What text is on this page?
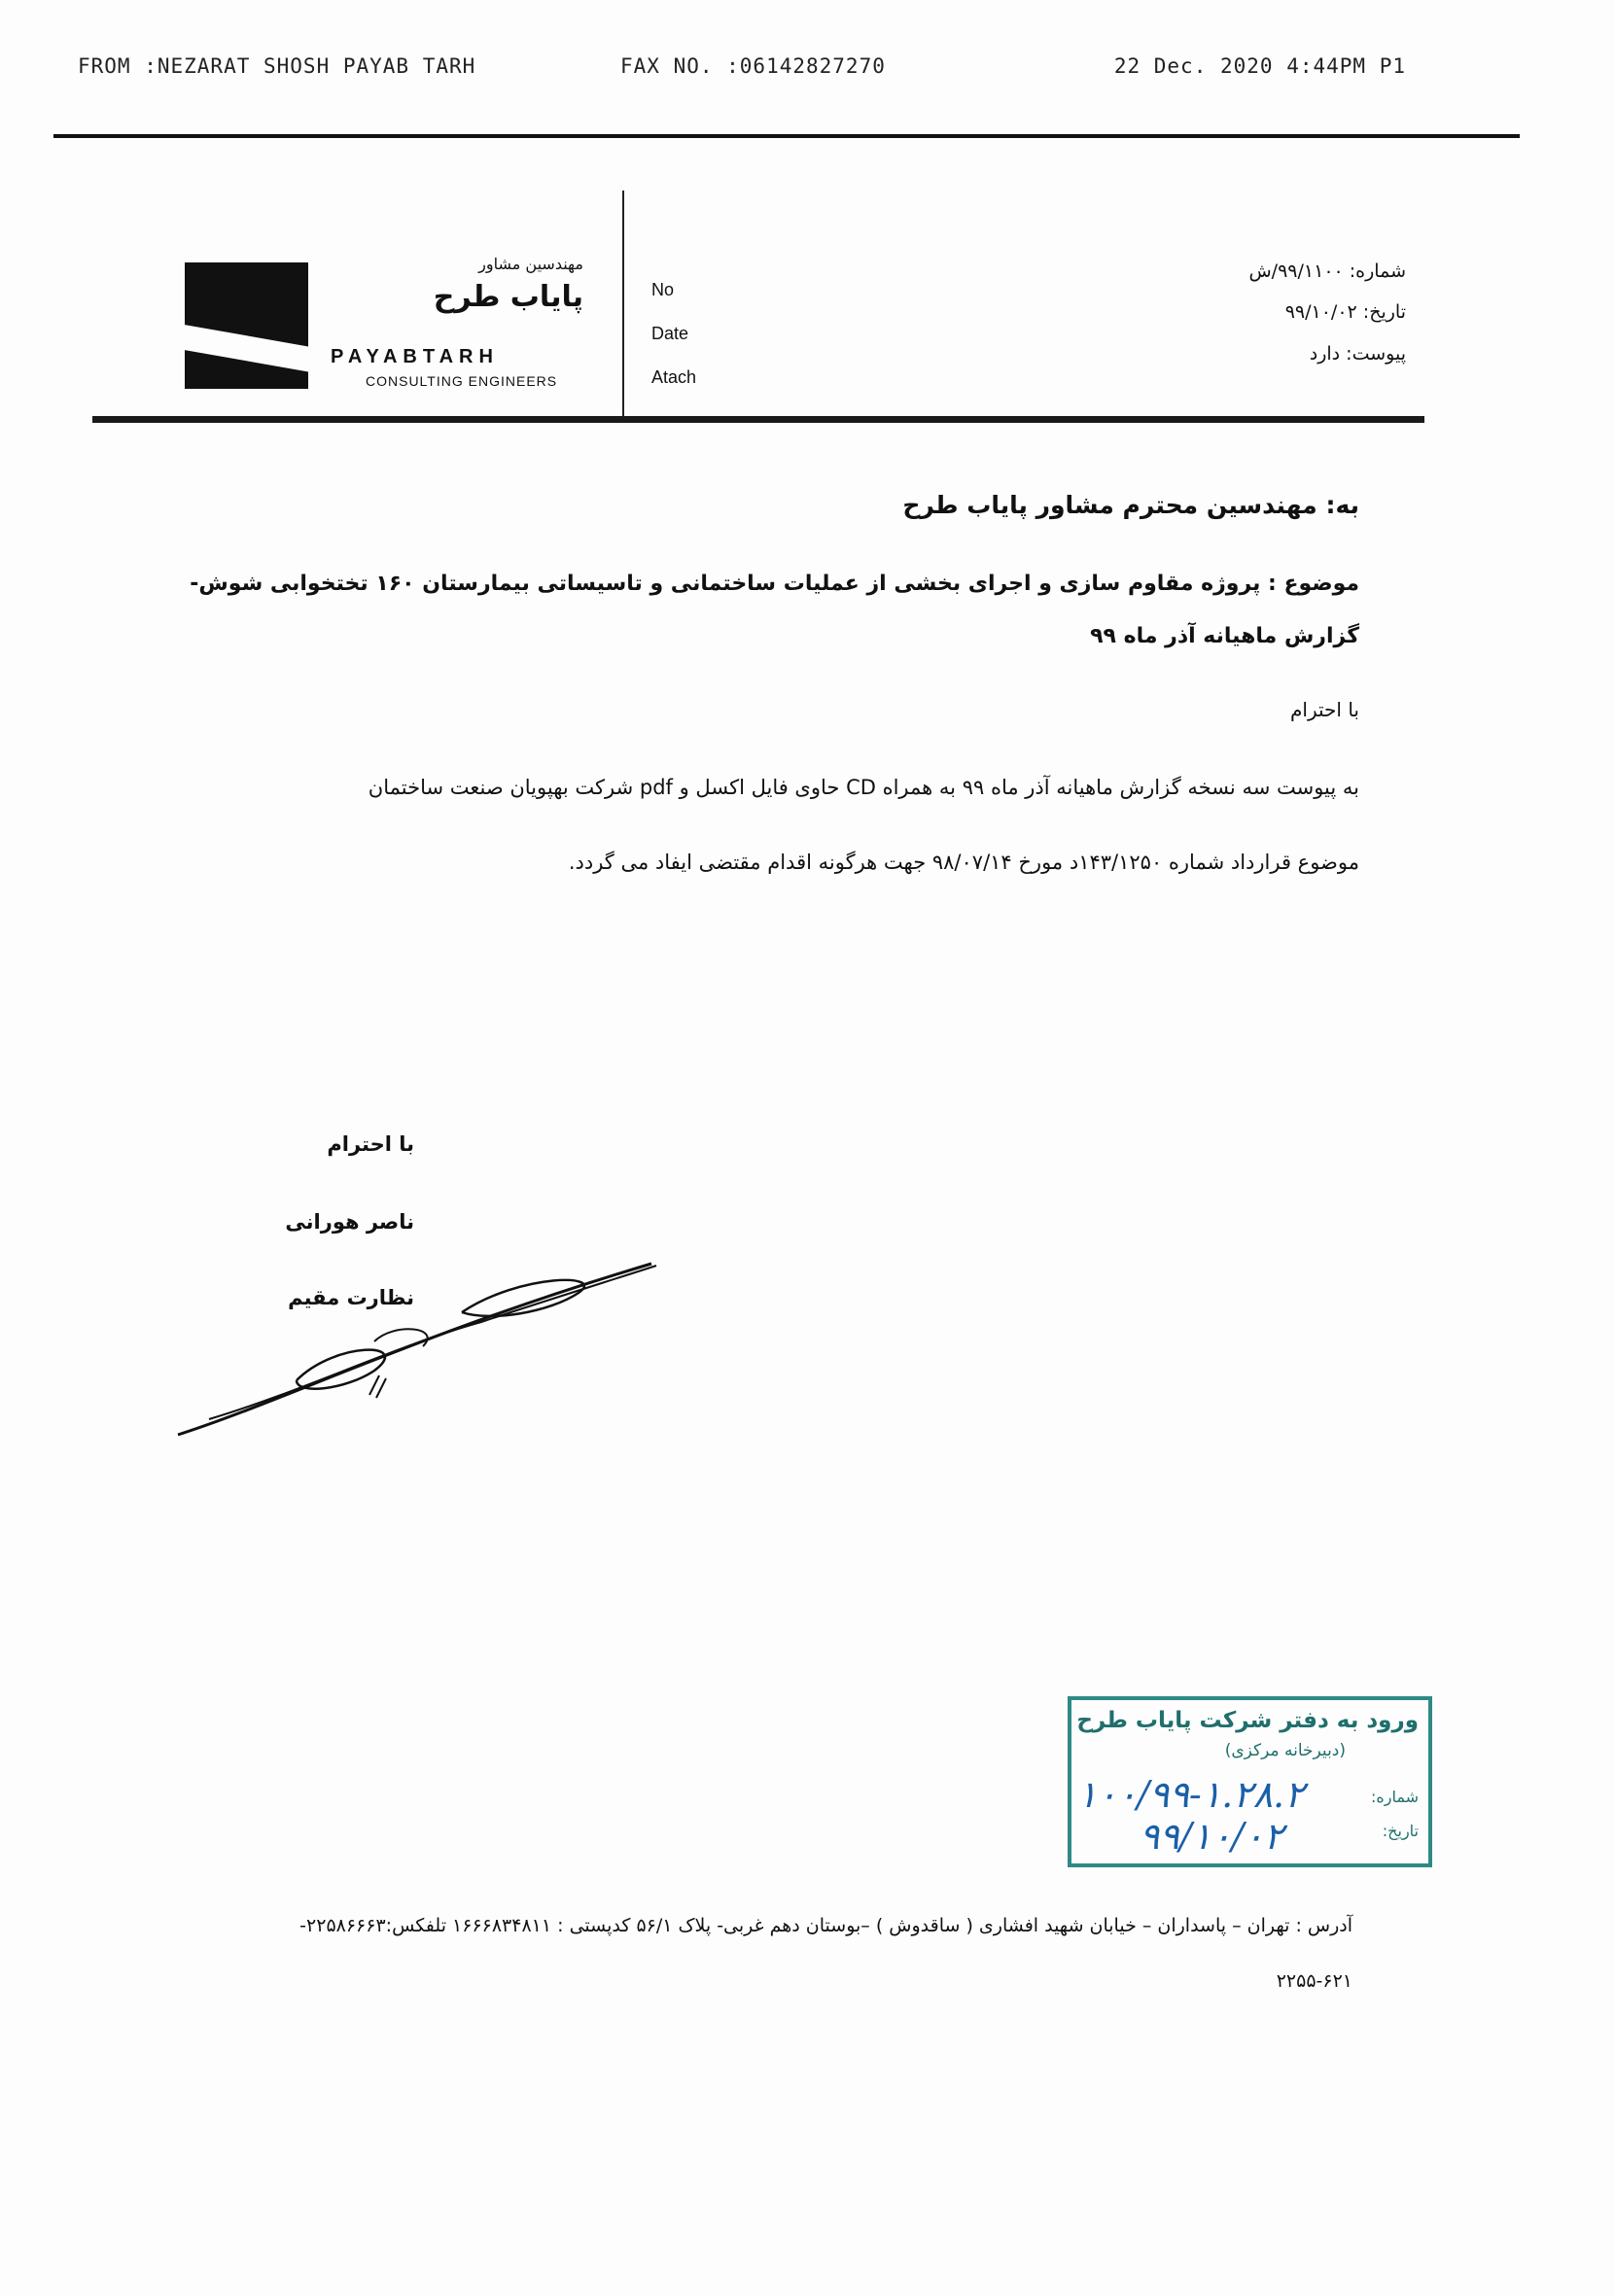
FROM :NEZARAT SHOSH PAYAB TARH	FAX NO. :06142827270	22 Dec. 2020 4:44PM P1
مهندسین مشاور
پایاب طرح
PAYABTARH
CONSULTING ENGINEERS
No
Date
Atach
شماره: ۹۹/۱۱۰۰/ش
تاریخ: ۹۹/۱۰/۰۲
پیوست: دارد
به: مهندسین محترم مشاور پایاب طرح
موضوع : پروژه مقاوم سازی و اجرای بخشی از عملیات ساختمانی و تاسیساتی بیمارستان ۱۶۰ تختخوابی شوش-
گزارش ماهیانه آذر ماه ۹۹
با احترام
به پیوست سه نسخه گزارش ماهیانه آذر ماه ۹۹ به همراه CD حاوی فایل اکسل و pdf شرکت بهپویان صنعت ساختمان
موضوع قرارداد شماره ۱۴۳/۱۲۵۰د مورخ ۹۸/۰۷/۱۴ جهت هرگونه اقدام مقتضی ایفاد می گردد.
با احترام
ناصر هورانی
نظارت مقیم
ورود به دفتر شرکت پایاب طرح
(دبیرخانه مرکزی)
شماره:
تاریخ:
۱۰۰/۹۹-۱.۲۸.۲
۹۹/۱۰/۰۲
آدرس : تهران – پاسداران – خیابان شهید افشاری ( ساقدوش ) –بوستان دهم غربی- پلاک ۵۶/۱ کدپستی : ۱۶۶۶۸۳۴۸۱۱ تلفکس:۲۲۵۸۶۶۶۳-
۲۲۵۵-۶۲۱
